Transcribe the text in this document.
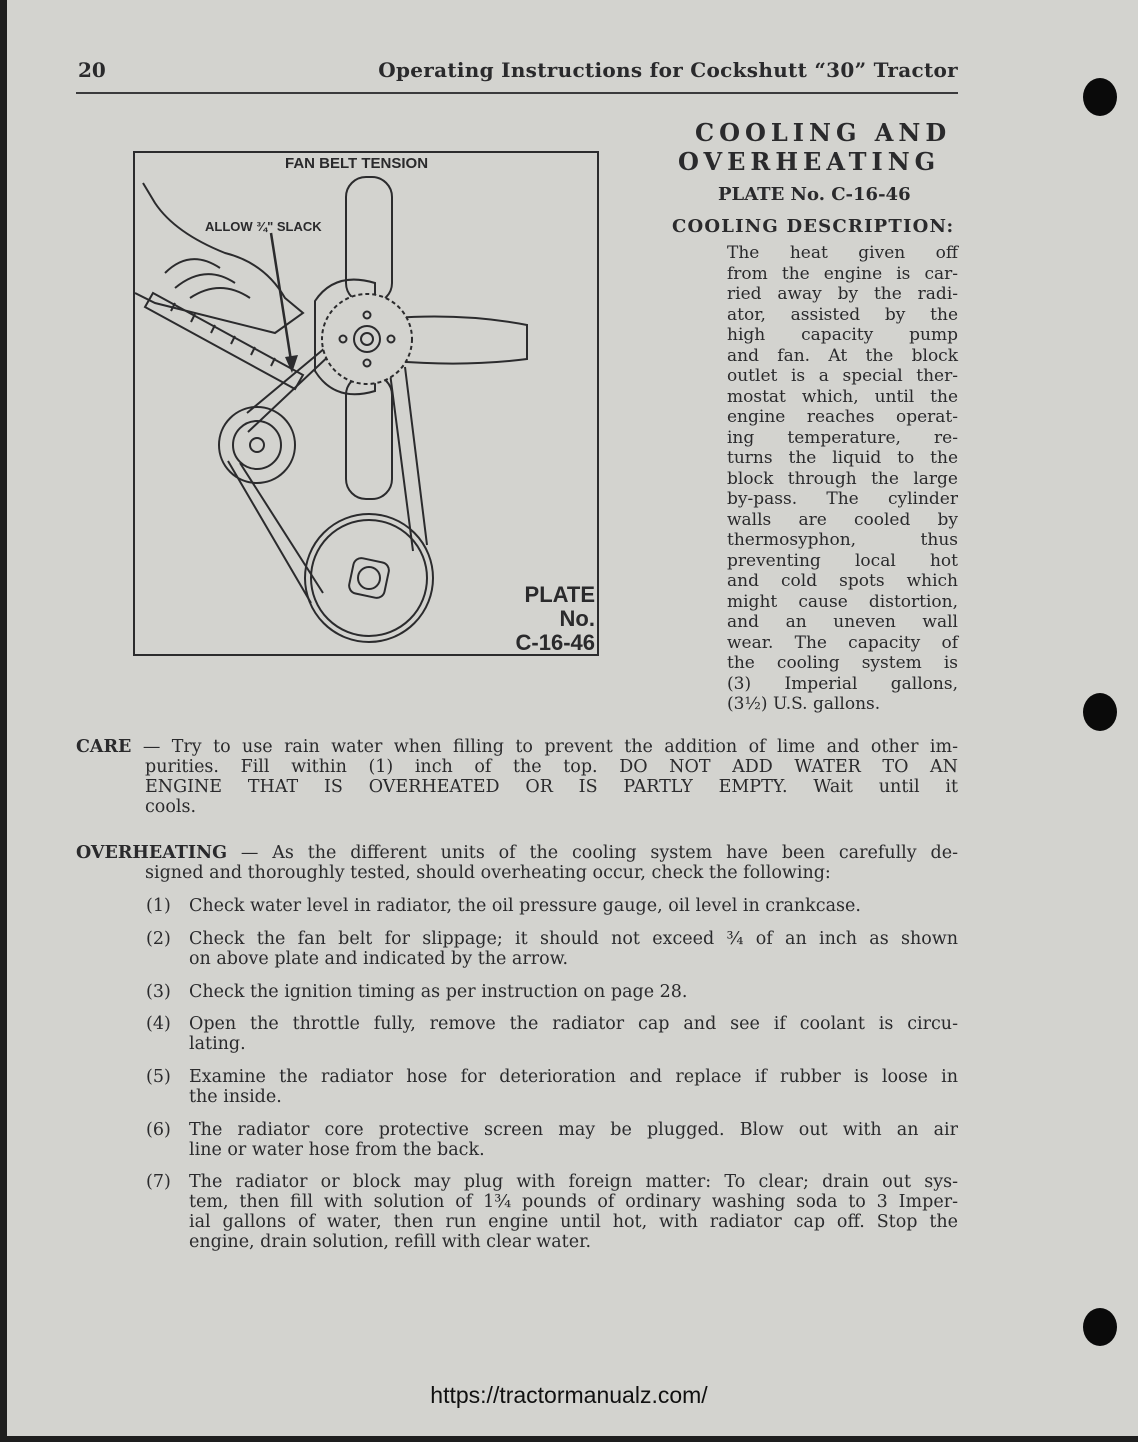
20	Operating Instructions for Cockshutt “30” Tractor
COOLING AND
OVERHEATING
PLATE No. C-16-46
COOLING DESCRIPTION:
The heat given off
from the engine is car-
ried away by the radi-
ator, assisted by the
high capacity pump
and fan. At the block
outlet is a special ther-
mostat which, until the
engine reaches operat-
ing temperature, re-
turns the liquid to the
block through the large
by-pass. The cylinder
walls are cooled by
thermosyphon, thus
preventing local hot
and cold spots which
might cause distortion,
and an uneven wall
wear. The capacity of
the cooling system is
(3) Imperial gallons,
(3½) U.S. gallons.
FAN BELT TENSION
ALLOW ¾" SLACK
PLATE
No.
C-16-46
CARE — Try to use rain water when filling to prevent the addition of lime and other im-
purities. Fill within (1) inch of the top. DO NOT ADD WATER TO AN
ENGINE THAT IS OVERHEATED OR IS PARTLY EMPTY. Wait until it
cools.
OVERHEATING — As the different units of the cooling system have been carefully de-
signed and thoroughly tested, should overheating occur, check the following:
(1) Check water level in radiator, the oil pressure gauge, oil level in crankcase.
(2) Check the fan belt for slippage; it should not exceed ¾ of an inch as shown
on above plate and indicated by the arrow.
(3) Check the ignition timing as per instruction on page 28.
(4) Open the throttle fully, remove the radiator cap and see if coolant is circu-
lating.
(5) Examine the radiator hose for deterioration and replace if rubber is loose in
the inside.
(6) The radiator core protective screen may be plugged. Blow out with an air
line or water hose from the back.
(7) The radiator or block may plug with foreign matter: To clear; drain out sys-
tem, then fill with solution of 1¾ pounds of ordinary washing soda to 3 Imper-
ial gallons of water, then run engine until hot, with radiator cap off. Stop the
engine, drain solution, refill with clear water.
https://tractormanualz.com/
